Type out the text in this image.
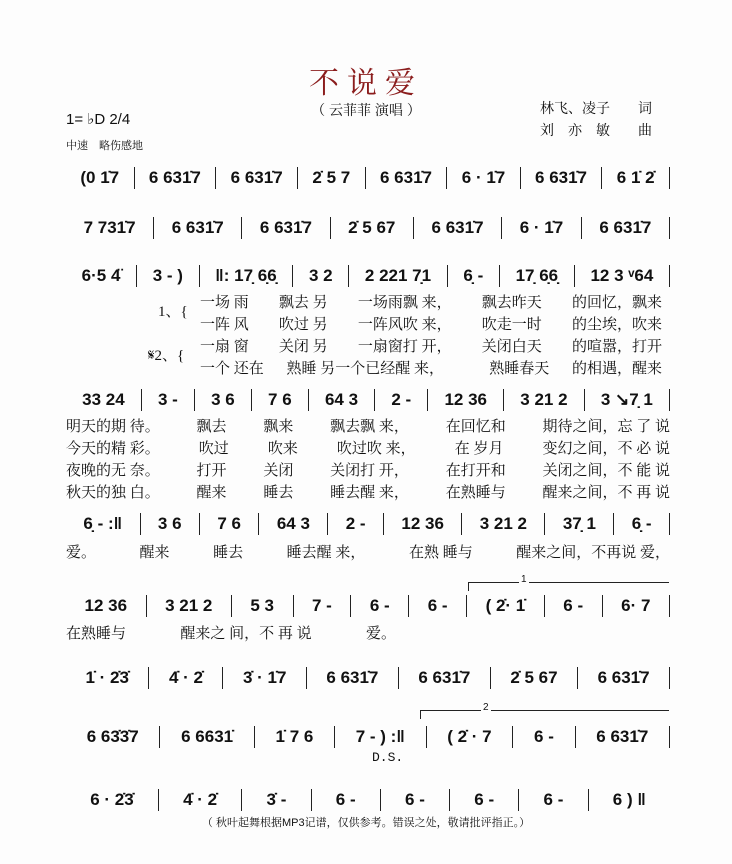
不说爱
（ 云菲菲 演唱 ）	林飞、凌子　　词
刘　亦　敏　　曲
1= ♭D 2/4
中速　略伤感地
(0 1̇7	6 631̇7	6 631̇7	2̇ 5 7	6 631̇7	6 · 1̇7	6 631̇7	6 1̇ 2̇
7 731̇7	6 631̇7	6 631̇7	2̇ 5 67	6 631̇7	6 · 1̇7	6 631̇7
6·5 4̈	3 - )	‖: 17̣ 6̣6̣	3 2	2 221 7̣1	6̣ -	17̣ 6̣6̣	12 3 ᵛ64
33 24	3 -	3 6	7 6	64 3	2 -	12 36	3 21 2	3 ↘7̣ 1
6̣ - :‖	3 6	7 6	64 3	2 -	12 36	3 21 2	37̣ 1	6̣ -
12 36	3 21 2	5 3	7 -	6 -	6 -	( 2̇· 1̇	6 -	6· 7
1̇ · 2̇3̇	4̇ · 2̇	3̇ · 1̇7	6 631̇7	6 631̇7	2̇ 5 67	6 631̇7
6 63̇3̇7	6 6631̇	1̇ 7 6	7 - ) :‖	( 2̇ · 7	6 -	6 631̇7
6 · 2̇3̇	4̇ · 2̇	3̇ -	6 -	6 -	6 -	6 -	6 ) ‖
一场 雨 飘去 另 一场雨飘 来， 飘去昨天 的回忆，飘来
一阵 风 吹过 另 一阵风吹 来， 吹走一时 的尘埃，吹来
一扇 窗 关闭 另 一扇窗打 开， 关闭白天 的喧嚣，打开
一个 还在 熟睡 另一个已经醒 来，	熟睡春天 的相遇，醒来
明天的期 待。 飘去 飘来 飘去飘 来， 在回忆和 期待之间，忘 了 说
今天的精 彩。	吹过	吹来	吹过吹 来，	在 岁月	变幻之间，不 必 说
夜晚的无 奈。 打开 关闭 关闭打 开， 在打开和 关闭之间，不 能 说
秋天的独 白。 醒来 睡去 睡去醒 来， 在熟睡与 醒来之间，不 再 说
爱。	醒来	睡去	睡去醒 来，	在熟 睡与	醒来之间，不再说 爱，
在熟睡与	醒来之 间，不 再 说	爱。
1、{
𝄋2、{
1
2
D.S.
（ 秋叶起舞根据MP3记谱，仅供参考。错误之处，敬请批评指正。）
